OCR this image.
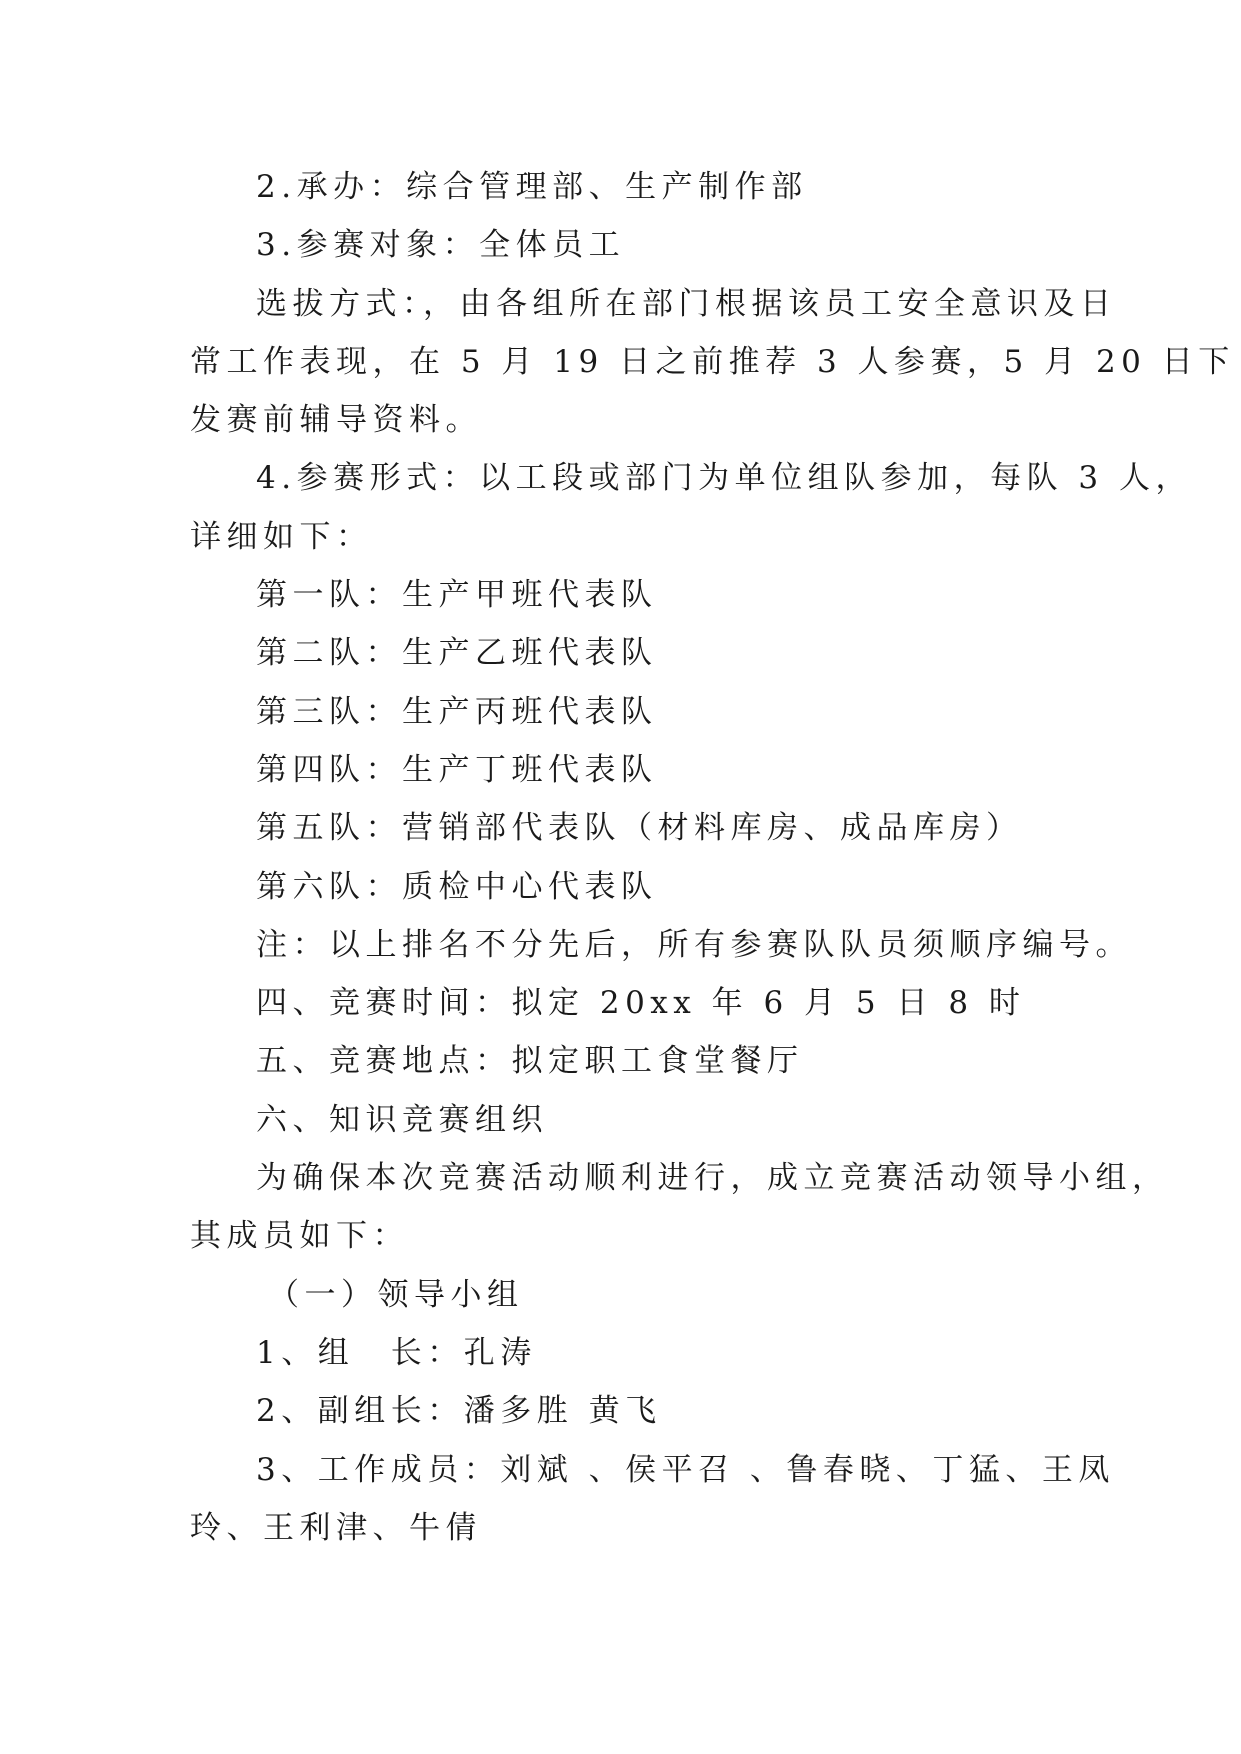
2.承办：综合管理部、生产制作部
3.参赛对象：全体员工
选拔方式：，由各组所在部门根据该员工安全意识及日
常工作表现，在 5 月 19 日之前推荐 3 人参赛，5 月 20 日下
发赛前辅导资料。
4.参赛形式：以工段或部门为单位组队参加，每队 3 人，
详细如下：
第一队：生产甲班代表队
第二队：生产乙班代表队
第三队：生产丙班代表队
第四队：生产丁班代表队
第五队：营销部代表队（材料库房、成品库房）
第六队：质检中心代表队
注：以上排名不分先后，所有参赛队队员须顺序编号。
四、竞赛时间：拟定 20xx 年 6 月 5 日 8 时
五、竞赛地点：拟定职工食堂餐厅
六、知识竞赛组织
为确保本次竞赛活动顺利进行，成立竞赛活动领导小组，
其成员如下：
（一）领导小组
1、组　长：孔涛
2、副组长：潘多胜 黄飞
3、工作成员：刘斌 、侯平召 、鲁春晓、丁猛、王凤
玲、王利津、牛倩
